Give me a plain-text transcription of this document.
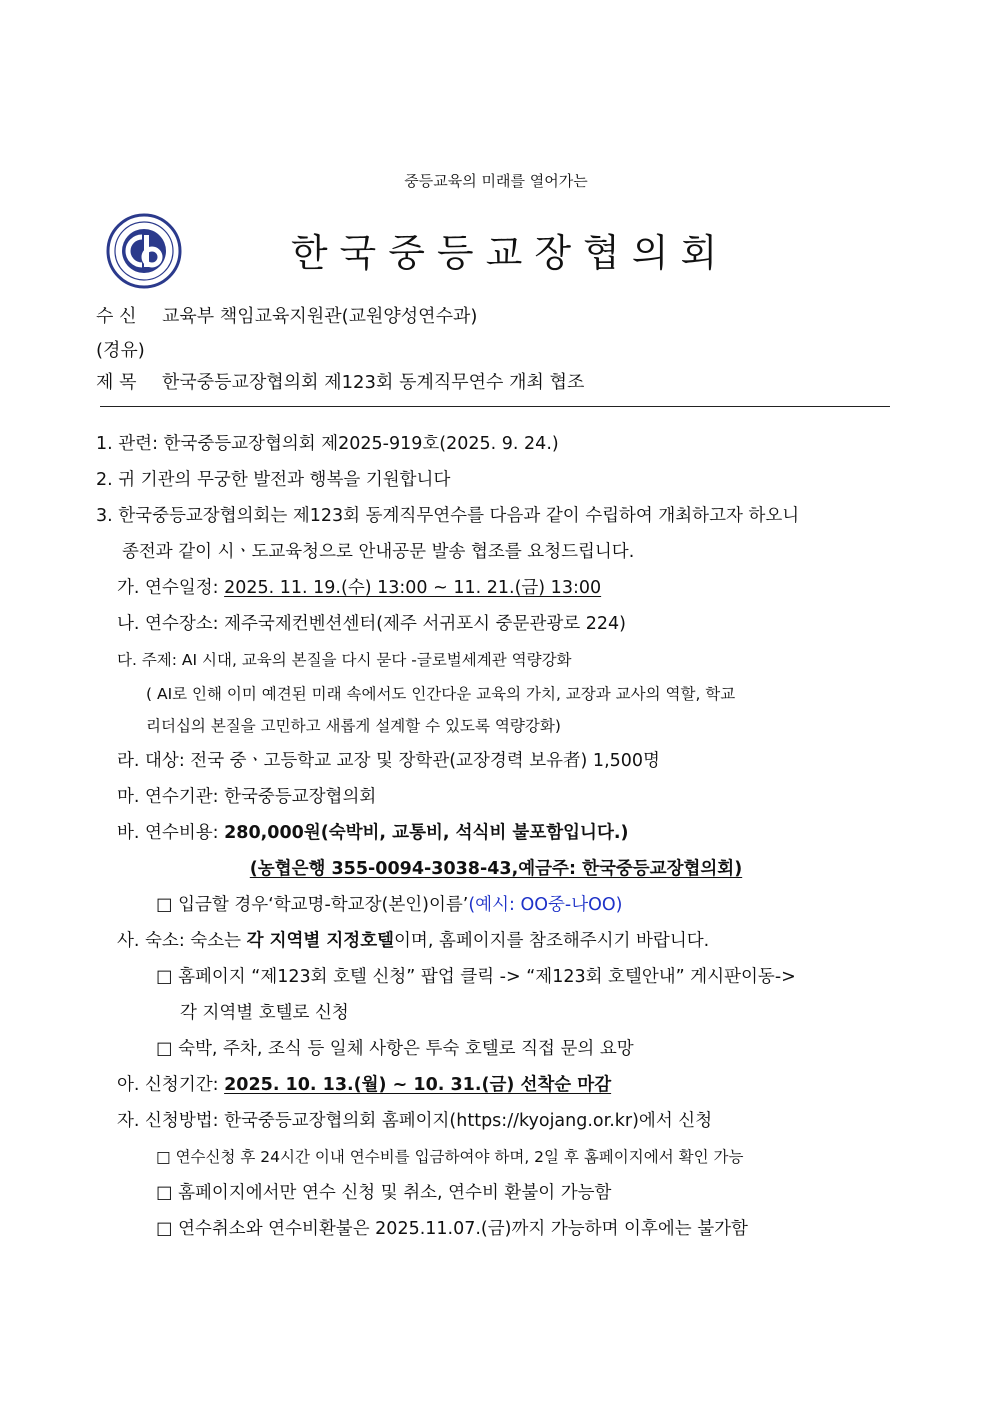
중등교육의 미래를 열어가는
한국중등교장협의회
수 신 교육부 책임교육지원관(교원양성연수과)
(경유)
제 목 한국중등교장협의회 제123회 동계직무연수 개최 협조
1. 관련: 한국중등교장협의회 제2025-919호(2025. 9. 24.)
2. 귀 기관의 무궁한 발전과 행복을 기원합니다
3. 한국중등교장협의회는 제123회 동계직무연수를 다음과 같이 수립하여 개최하고자 하오니
종전과 같이 시ㆍ도교육청으로 안내공문 발송 협조를 요청드립니다.
가. 연수일정: 2025. 11. 19.(수) 13:00 ~ 11. 21.(금) 13:00
나. 연수장소: 제주국제컨벤션센터(제주 서귀포시 중문관광로 224)
다. 주제: AI 시대, 교육의 본질을 다시 묻다 -글로벌세계관 역량강화
( AI로 인해 이미 예견된 미래 속에서도 인간다운 교육의 가치, 교장과 교사의 역할, 학교
리더십의 본질을 고민하고 새롭게 설계할 수 있도록 역량강화)
라. 대상: 전국 중ㆍ고등학교 교장 및 장학관(교장경력 보유者) 1,500명
마. 연수기관: 한국중등교장협의회
바. 연수비용: 280,000원(숙박비, 교통비, 석식비 불포함입니다.)
(농협은행 355-0094-3038-43,예금주: 한국중등교장협의회)
□ 입금할 경우‘학교명-학교장(본인)이름’(예시: OO중-나OO)
사. 숙소: 숙소는 각 지역별 지정호텔이며, 홈페이지를 참조해주시기 바랍니다.
□ 홈페이지 “제123회 호텔 신청” 팝업 클릭 -> “제123회 호텔안내” 게시판이동->
각 지역별 호텔로 신청
□ 숙박, 주차, 조식 등 일체 사항은 투숙 호텔로 직접 문의 요망
아. 신청기간: 2025. 10. 13.(월) ~ 10. 31.(금) 선착순 마감
자. 신청방법: 한국중등교장협의회 홈페이지(https://kyojang.or.kr)에서 신청
□ 연수신청 후 24시간 이내 연수비를 입금하여야 하며, 2일 후 홈페이지에서 확인 가능
□ 홈페이지에서만 연수 신청 및 취소, 연수비 환불이 가능함
□ 연수취소와 연수비환불은 2025.11.07.(금)까지 가능하며 이후에는 불가함
